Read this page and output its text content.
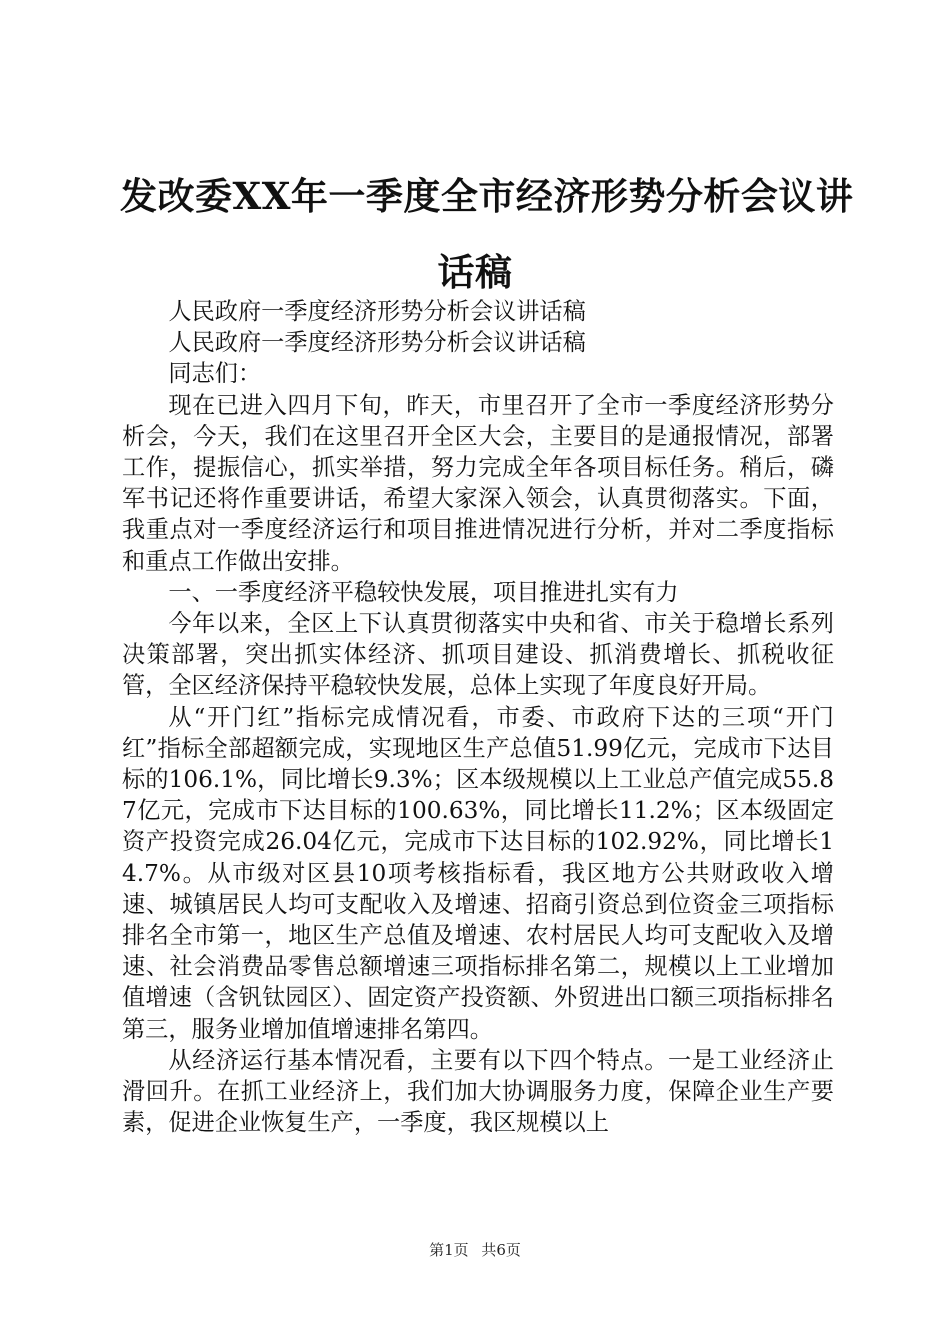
发改委XX年一季度全市经济形势分析会议讲
话稿

人民政府一季度经济形势分析会议讲话稿

人民政府一季度经济形势分析会议讲话稿

同志们：

现在已进入四月下旬，昨天，市里召开了全市一季度经济形势分析会，今天，我们在这里召开全区大会，主要目的是通报情况，部署工作，提振信心，抓实举措，努力完成全年各项目标任务。稍后，磷军书记还将作重要讲话，希望大家深入领会，认真贯彻落实。下面，我重点对一季度经济运行和项目推进情况进行分析，并对二季度指标和重点工作做出安排。

一、一季度经济平稳较快发展，项目推进扎实有力

今年以来，全区上下认真贯彻落实中央和省、市关于稳增长系列决策部署，突出抓实体经济、抓项目建设、抓消费增长、抓税收征管，全区经济保持平稳较快发展，总体上实现了年度良好开局。

从“开门红”指标完成情况看，市委、市政府下达的三项“开门红”指标全部超额完成，实现地区生产总值51.99亿元，完成市下达目标的106.1%，同比增长9.3%；区本级规模以上工业总产值完成55.87亿元，完成市下达目标的100.63%，同比增长11.2%；区本级固定资产投资完成26.04亿元，完成市下达目标的102.92%，同比增长14.7%。从市级对区县10项考核指标看，我区地方公共财政收入增速、城镇居民人均可支配收入及增速、招商引资总到位资金三项指标排名全市第一，地区生产总值及增速、农村居民人均可支配收入及增速、社会消费品零售总额增速三项指标排名第二，规模以上工业增加值增速（含钒钛园区）、固定资产投资额、外贸进出口额三项指标排名第三，服务业增加值增速排名第四。

从经济运行基本情况看，主要有以下四个特点。一是工业经济止滑回升。在抓工业经济上，我们加大协调服务力度，保障企业生产要素，促进企业恢复生产，一季度，我区规模以上

第1页 共6页
